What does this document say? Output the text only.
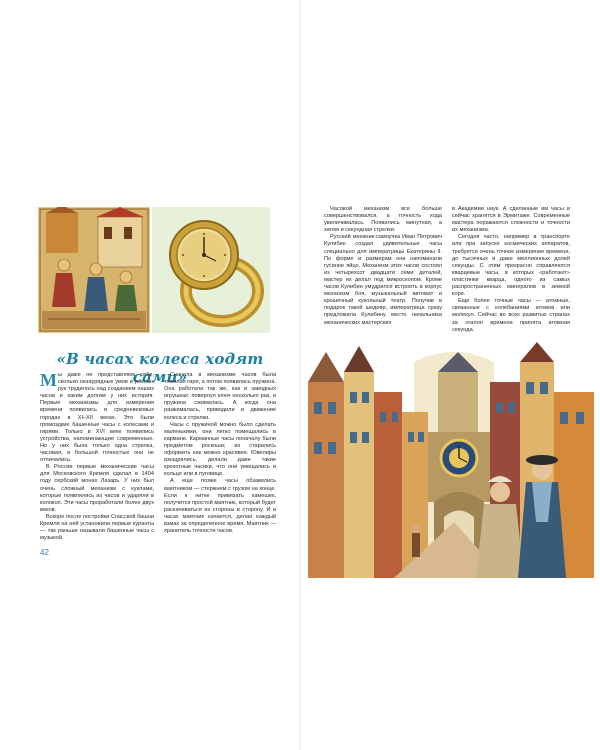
«В часах колеса ходят сами»

Мы даже не представляем себе, сколько незаурядных умов и умелых рук трудилось над созданием наших часов и каким долгим у них история. Первые механизмы для измерения времени появились в средневековых городах в XI–XII веках. Это были громоздкие башенные часы с колесами и гирями. Только в XVI веке появились устройства, напоминающие современные. Но у них была только одна стрелка, часовая, и большой точностью они не отличались.

В России первые механические часы для Московского Кремля сделал в 1404 году сербский монах Лазарь. У них был очень сложный механизм с куклами, которые появлялись из часов и ударяли в колокол. Эти часы проработали более двух веков.

Вскоре после постройки Спасской башни Кремля на ней установили первые куранты — так раньше называли башенные часы с музыкой.

Сначала в механизме часов была тяжелая гиря, а потом появилась пружина. Она работала так же, как в заводных игрушках: повернул ключ несколько раз, и пружина сжималась. А когда она разжималась, приводили в движение колеса и стрелки.

Часы с пружиной можно было сделать маленькими, они легко помещались в кармане. Карманные часы поначалу были предметом роскоши; их старались оформить как можно красивее. Ювелиры изощрялись, делали даже такие крохотные часики, что они умещались в кольце или в пуговице.

А еще позже часы обзавелись маятником — стержнем с грузом на конце. Если к нитке привязать камешек, получится простой маятник, который будет раскачиваться из стороны в сторону. И в часах маятник качается, делая каждый взмах за определенное время. Маятник — хранитель точности часов.

42

Часовой механизм все больше совершенствовался, а точность хода увеличивалась. Появились минутная, а затем и секундная стрелки.

Русский механик-самоучка Иван Петрович Кулибин создал удивительные часы специально для императрицы Екатерины II. По форме и размерам они напоминали гусиное яйцо. Механизм этих часов состоял из четырехсот двадцати семи деталей, мастер их делал под микроскопом. Кроме часов Кулибин умудрился встроить в корпус механизм боя, музыкальный автомат и крошечный кукольный театр. Получив в подарок такой шедевр, императрица сразу предложила Кулибину место начальника механических мастерских

в Академии наук. А сделанные им часы и сейчас хранятся в Эрмитаже. Современные мастера поражаются сложности и точности их механизма.

Сегодня часто, например в транспорте или при запуске космических аппаратов, требуется очень точное измерение времени, до тысячных и даже миллионных долей секунды. С этим прекрасно справляются кварцевые часы, в которых «работают» пластинки кварца, одного из самых распространенных минералов в земной коре.

Еще более точные часы — атомные, связанные с колебаниями атомов или молекул. Сейчас во всех развитых странах за эталон времени принята атомная секунда.
